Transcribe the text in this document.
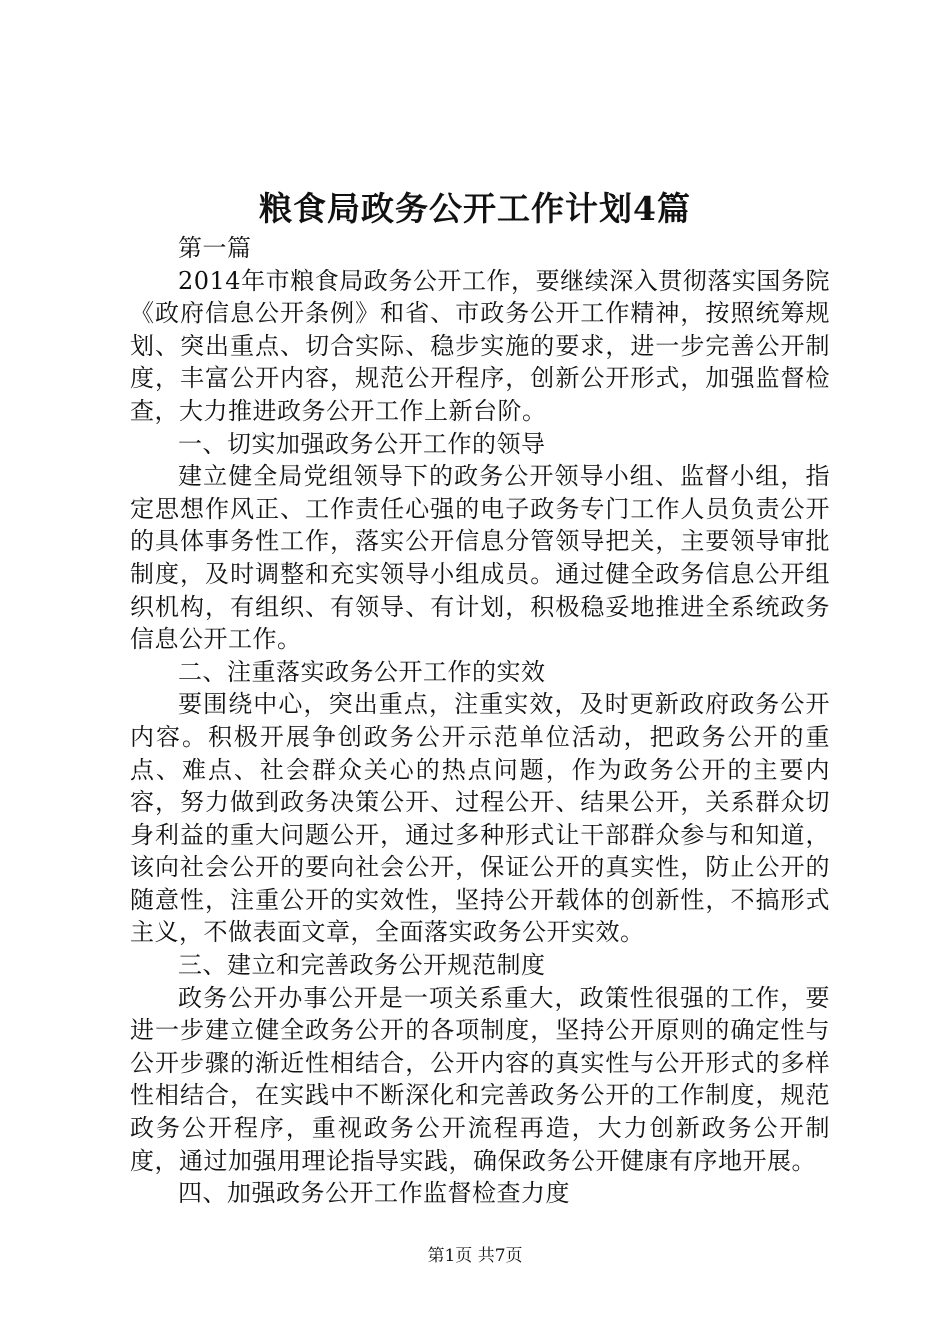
粮食局政务公开工作计划4篇

第一篇

2014年市粮食局政务公开工作，要继续深入贯彻落实国务院《政府信息公开条例》和省、市政务公开工作精神，按照统筹规划、突出重点、切合实际、稳步实施的要求，进一步完善公开制度，丰富公开内容，规范公开程序，创新公开形式，加强监督检查，大力推进政务公开工作上新台阶。

一、切实加强政务公开工作的领导

建立健全局党组领导下的政务公开领导小组、监督小组，指定思想作风正、工作责任心强的电子政务专门工作人员负责公开的具体事务性工作，落实公开信息分管领导把关，主要领导审批制度，及时调整和充实领导小组成员。通过健全政务信息公开组织机构，有组织、有领导、有计划，积极稳妥地推进全系统政务信息公开工作。

二、注重落实政务公开工作的实效

要围绕中心，突出重点，注重实效，及时更新政府政务公开内容。积极开展争创政务公开示范单位活动，把政务公开的重点、难点、社会群众关心的热点问题，作为政务公开的主要内容，努力做到政务决策公开、过程公开、结果公开，关系群众切身利益的重大问题公开，通过多种形式让干部群众参与和知道，该向社会公开的要向社会公开，保证公开的真实性，防止公开的随意性，注重公开的实效性，坚持公开载体的创新性，不搞形式主义，不做表面文章，全面落实政务公开实效。

三、建立和完善政务公开规范制度

政务公开办事公开是一项关系重大，政策性很强的工作，要进一步建立健全政务公开的各项制度，坚持公开原则的确定性与公开步骤的渐近性相结合，公开内容的真实性与公开形式的多样性相结合，在实践中不断深化和完善政务公开的工作制度，规范政务公开程序，重视政务公开流程再造，大力创新政务公开制度，通过加强用理论指导实践，确保政务公开健康有序地开展。

四、加强政务公开工作监督检查力度

第1页 共7页
